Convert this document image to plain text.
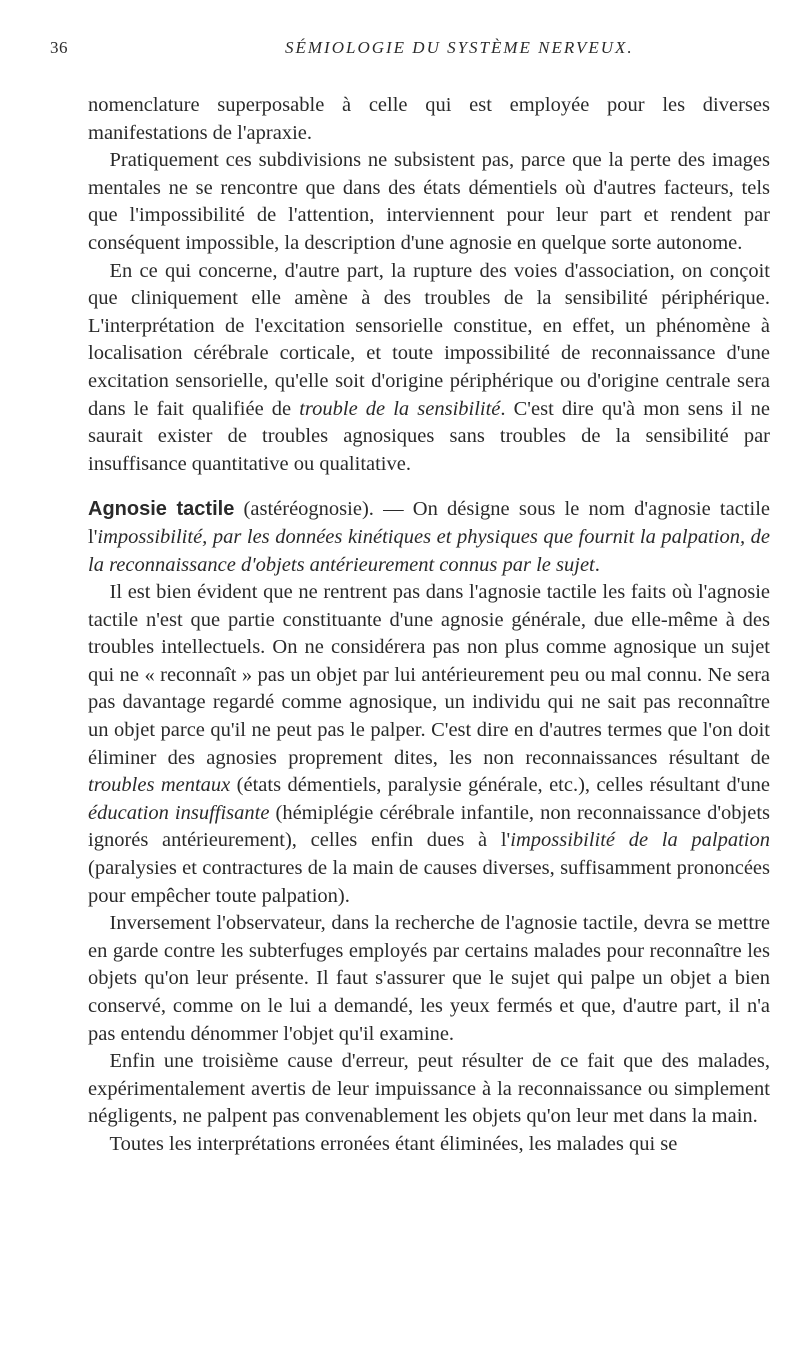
36	SÉMIOLOGIE DU SYSTÈME NERVEUX.

nomenclature superposable à celle qui est employée pour les diverses manifestations de l'apraxie.

Pratiquement ces subdivisions ne subsistent pas, parce que la perte des images mentales ne se rencontre que dans des états démentiels où d'autres facteurs, tels que l'impossibilité de l'attention, interviennent pour leur part et rendent par conséquent impossible, la description d'une agnosie en quelque sorte autonome.

En ce qui concerne, d'autre part, la rupture des voies d'association, on conçoit que cliniquement elle amène à des troubles de la sensibilité périphérique. L'interprétation de l'excitation sensorielle constitue, en effet, un phénomène à localisation cérébrale corticale, et toute impossibilité de reconnaissance d'une excitation sensorielle, qu'elle soit d'origine périphérique ou d'origine centrale sera dans le fait qualifiée de trouble de la sensibilité. C'est dire qu'à mon sens il ne saurait exister de troubles agnosiques sans troubles de la sensibilité par insuffisance quantitative ou qualitative.

Agnosie tactile (astéréognosie). — On désigne sous le nom d'agnosie tactile l'impossibilité, par les données kinétiques et physiques que fournit la palpation, de la reconnaissance d'objets antérieurement connus par le sujet.

Il est bien évident que ne rentrent pas dans l'agnosie tactile les faits où l'agnosie tactile n'est que partie constituante d'une agnosie générale, due elle-même à des troubles intellectuels. On ne considérera pas non plus comme agnosique un sujet qui ne « reconnaît » pas un objet par lui antérieurement peu ou mal connu. Ne sera pas davantage regardé comme agnosique, un individu qui ne sait pas reconnaître un objet parce qu'il ne peut pas le palper. C'est dire en d'autres termes que l'on doit éliminer des agnosies proprement dites, les non reconnaissances résultant de troubles mentaux (états démentiels, paralysie générale, etc.), celles résultant d'une éducation insuffisante (hémiplégie cérébrale infantile, non reconnaissance d'objets ignorés antérieurement), celles enfin dues à l'impossibilité de la palpation (paralysies et contractures de la main de causes diverses, suffisamment prononcées pour empêcher toute palpation).

Inversement l'observateur, dans la recherche de l'agnosie tactile, devra se mettre en garde contre les subterfuges employés par certains malades pour reconnaître les objets qu'on leur présente. Il faut s'assurer que le sujet qui palpe un objet a bien conservé, comme on le lui a demandé, les yeux fermés et que, d'autre part, il n'a pas entendu dénommer l'objet qu'il examine.

Enfin une troisième cause d'erreur, peut résulter de ce fait que des malades, expérimentalement avertis de leur impuissance à la reconnaissance ou simplement négligents, ne palpent pas convenablement les objets qu'on leur met dans la main.

Toutes les interprétations erronées étant éliminées, les malades qui se
